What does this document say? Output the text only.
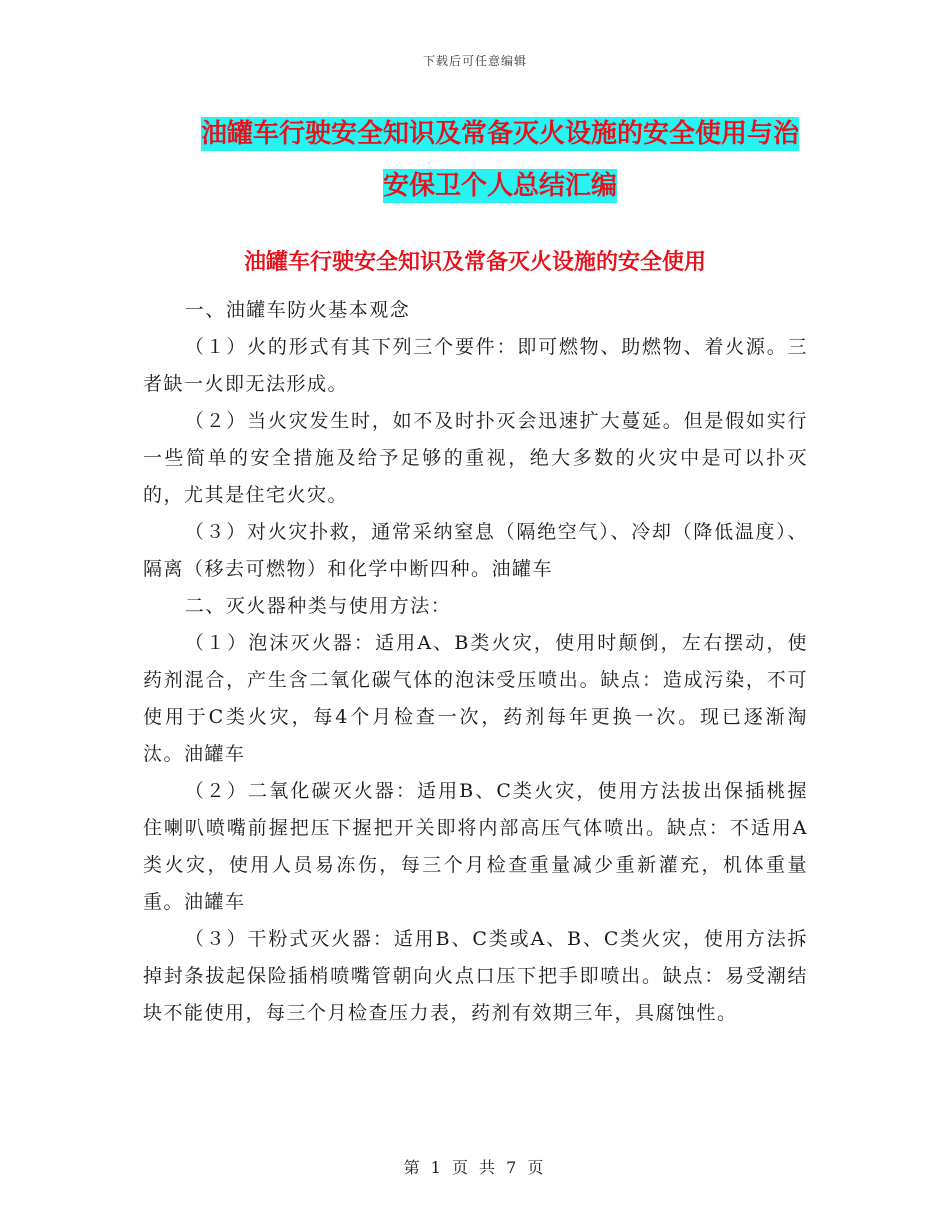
下载后可任意编辑
油罐车行驶安全知识及常备灭火设施的安全使用与治
安保卫个人总结汇编
油罐车行驶安全知识及常备灭火设施的安全使用

一、油罐车防火基本观念

（１）火的形式有其下列三个要件：即可燃物、助燃物、着火源。三者缺一火即无法形成。

（２）当火灾发生时，如不及时扑灭会迅速扩大蔓延。但是假如实行一些简单的安全措施及给予足够的重视，绝大多数的火灾中是可以扑灭的，尤其是住宅火灾。

（３）对火灾扑救，通常采纳窒息（隔绝空气）、冷却（降低温度）、隔离（移去可燃物）和化学中断四种。油罐车

二、灭火器种类与使用方法：

（１）泡沫灭火器：适用A、B类火灾，使用时颠倒，左右摆动，使药剂混合，产生含二氧化碳气体的泡沫受压喷出。缺点：造成污染，不可使用于C类火灾，每4个月检查一次，药剂每年更换一次。现已逐渐淘汰。油罐车

（２）二氧化碳灭火器：适用B、C类火灾，使用方法拔出保插桃握住喇叭喷嘴前握把压下握把开关即将内部高压气体喷出。缺点：不适用A类火灾，使用人员易冻伤，每三个月检查重量减少重新灌充，机体重量重。油罐车

（３）干粉式灭火器：适用B、C类或A、B、C类火灾，使用方法拆掉封条拔起保险插梢喷嘴管朝向火点口压下把手即喷出。缺点：易受潮结块不能使用，每三个月检查压力表，药剂有效期三年，具腐蚀性。

第 1 页 共 7 页
